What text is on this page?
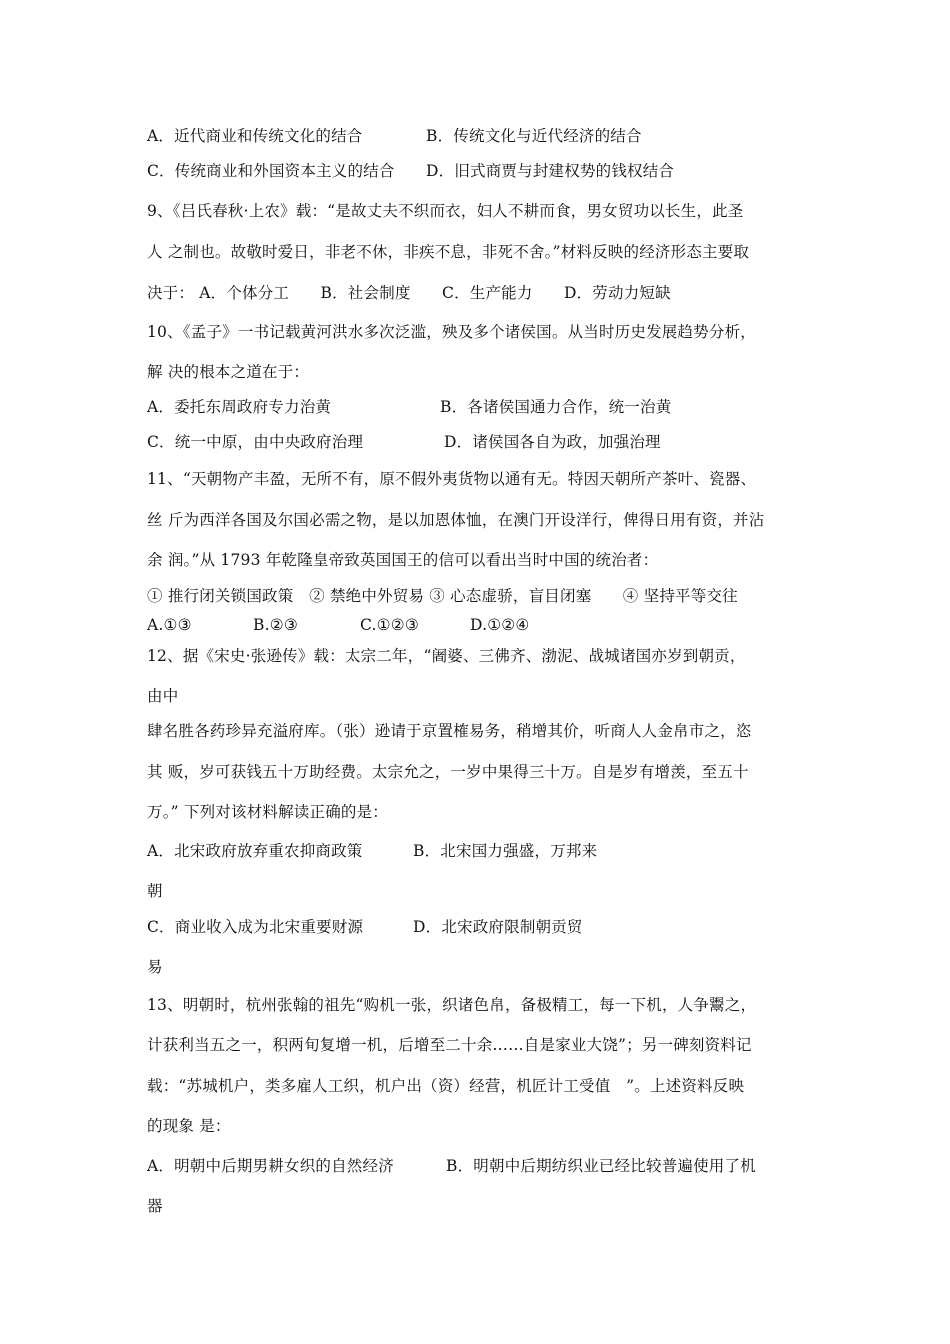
A．近代商业和传统文化的结合	B．传统文化与近代经济的结合
C．传统商业和外国资本主义的结合 D．旧式商贾与封建权势的钱权结合
9、《吕氏春秋·上农》载：“是故丈夫不织而衣，妇人不耕而食，男女贸功以长生，此圣
人 之制也。故敬时爱日，非老不休，非疾不息，非死不舍。”材料反映的经济形态主要取
决于： A．个体分工　　B．社会制度　　C．生产能力　　D．劳动力短缺
10、《孟子》一书记载黄河洪水多次泛滥，殃及多个诸侯国。从当时历史发展趋势分析，
解 决的根本之道在于：
A．委托东周政府专力治黄	B．各诸侯国通力合作，统一治黄
C．统一中原，由中央政府治理	D．诸侯国各自为政，加强治理
11、“天朝物产丰盈，无所不有，原不假外夷货物以通有无。特因天朝所产茶叶、瓷器、
丝 斤为西洋各国及尔国必需之物，是以加恩体恤，在澳门开设洋行，俾得日用有资，并沾
余 润。”从 1793 年乾隆皇帝致英国国王的信可以看出当时中国的统治者：
① 推行闭关锁国政策　② 禁绝中外贸易 ③ 心态虚骄，盲目闭塞　　④ 坚持平等交往
A.①③	B.②③	C.①②③	D.①②④
12、据《宋史·张逊传》载：太宗二年，“阇婆、三佛齐、渤泥、战城诸国亦岁到朝贡，
由中
肆名胜各药珍异充溢府库。（张）逊请于京置榷易务，稍增其价，听商人人金帛市之，恣
其 贩，岁可获钱五十万助经费。太宗允之，一岁中果得三十万。自是岁有增羡，至五十
万。” 下列对该材料解读正确的是：
A．北宋政府放弃重农抑商政策	B．北宋国力强盛，万邦来
朝
C．商业收入成为北宋重要财源	D．北宋政府限制朝贡贸
易
13、明朝时，杭州张翰的祖先“购机一张，织诸色帛，备极精工，每一下机，人争鬻之，
计获利当五之一，积两旬复增一机，后增至二十余……自是家业大饶”；另一碑刻资料记
载：“苏城机户，类多雇人工织，机户出（资）经营，机匠计工受值　”。上述资料反映
的现象 是：
A．明朝中后期男耕女织的自然经济	B．明朝中后期纺织业已经比较普遍使用了机
器
